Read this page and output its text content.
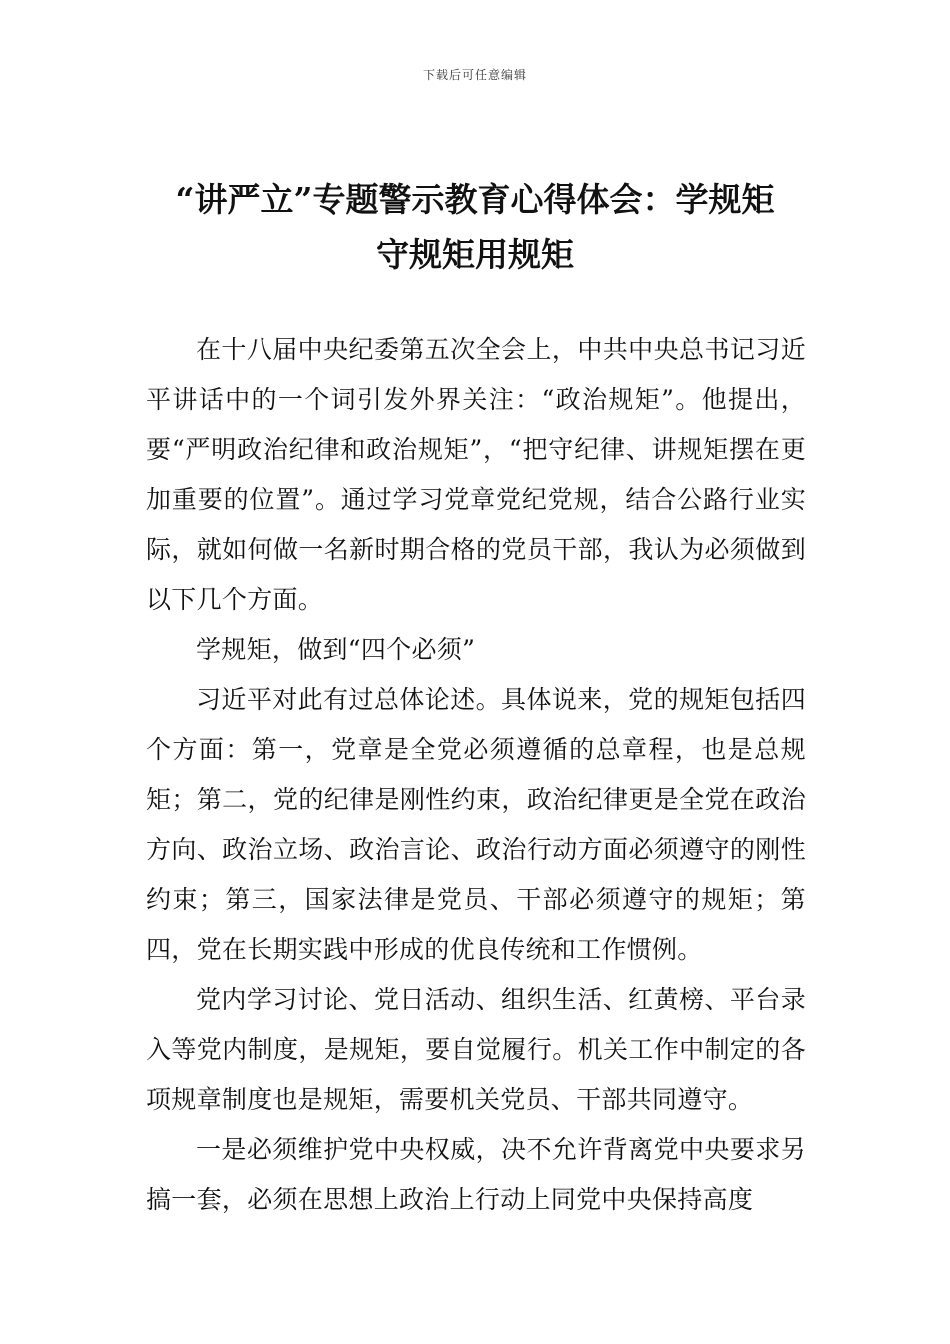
下载后可任意编辑
“讲严立”专题警示教育心得体会：学规矩
守规矩用规矩

在十八届中央纪委第五次全会上，中共中央总书记习近平讲话中的一个词引发外界关注：“政治规矩”。他提出，要“严明政治纪律和政治规矩”，“把守纪律、讲规矩摆在更加重要的位置”。通过学习党章党纪党规，结合公路行业实际，就如何做一名新时期合格的党员干部，我认为必须做到以下几个方面。

学规矩，做到“四个必须”

习近平对此有过总体论述。具体说来，党的规矩包括四个方面：第一，党章是全党必须遵循的总章程，也是总规矩；第二，党的纪律是刚性约束，政治纪律更是全党在政治方向、政治立场、政治言论、政治行动方面必须遵守的刚性约束；第三，国家法律是党员、干部必须遵守的规矩；第四，党在长期实践中形成的优良传统和工作惯例。

党内学习讨论、党日活动、组织生活、红黄榜、平台录入等党内制度，是规矩，要自觉履行。机关工作中制定的各项规章制度也是规矩，需要机关党员、干部共同遵守。

一是必须维护党中央权威，决不允许背离党中央要求另搞一套，必须在思想上政治上行动上同党中央保持高度
